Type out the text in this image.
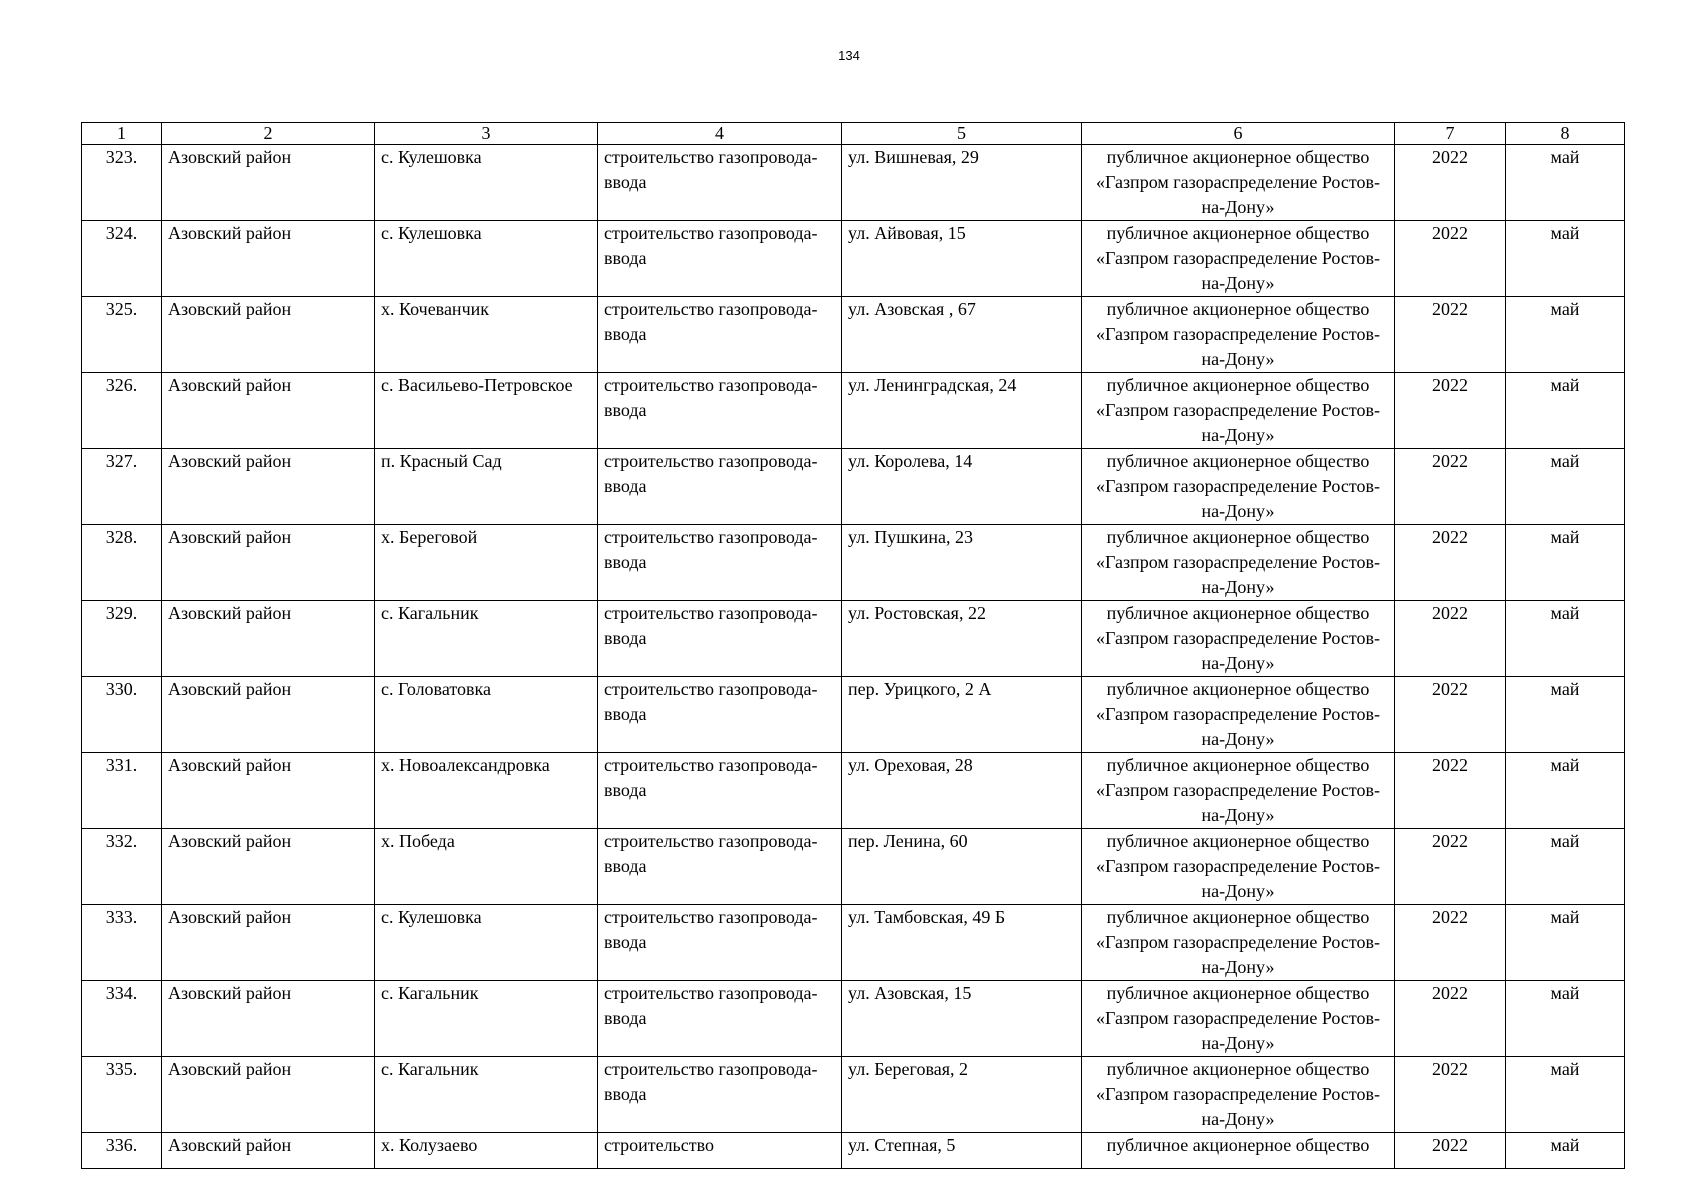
134
1	2	3	4	5	6	7	8
323.	Азовский район	с. Кулешовка	строительство газопровода-ввода	ул. Вишневая, 29	публичное акционерное общество «Газпром газораспределение Ростов-на-Дону»	2022	май
324.	Азовский район	с. Кулешовка	строительство газопровода-ввода	ул. Айвовая, 15	публичное акционерное общество «Газпром газораспределение Ростов-на-Дону»	2022	май
325.	Азовский район	х. Кочеванчик	строительство газопровода-ввода	ул. Азовская , 67	публичное акционерное общество «Газпром газораспределение Ростов-на-Дону»	2022	май
326.	Азовский район	с. Васильево-Петровское	строительство газопровода-ввода	ул. Ленинградская, 24	публичное акционерное общество «Газпром газораспределение Ростов-на-Дону»	2022	май
327.	Азовский район	п. Красный Сад	строительство газопровода-ввода	ул. Королева, 14	публичное акционерное общество «Газпром газораспределение Ростов-на-Дону»	2022	май
328.	Азовский район	х. Береговой	строительство газопровода-ввода	ул. Пушкина, 23	публичное акционерное общество «Газпром газораспределение Ростов-на-Дону»	2022	май
329.	Азовский район	с. Кагальник	строительство газопровода-ввода	ул. Ростовская, 22	публичное акционерное общество «Газпром газораспределение Ростов-на-Дону»	2022	май
330.	Азовский район	с. Головатовка	строительство газопровода-ввода	пер. Урицкого, 2 А	публичное акционерное общество «Газпром газораспределение Ростов-на-Дону»	2022	май
331.	Азовский район	х. Новоалександровка	строительство газопровода-ввода	ул. Ореховая, 28	публичное акционерное общество «Газпром газораспределение Ростов-на-Дону»	2022	май
332.	Азовский район	х. Победа	строительство газопровода-ввода	пер. Ленина, 60	публичное акционерное общество «Газпром газораспределение Ростов-на-Дону»	2022	май
333.	Азовский район	с. Кулешовка	строительство газопровода-ввода	ул. Тамбовская, 49 Б	публичное акционерное общество «Газпром газораспределение Ростов-на-Дону»	2022	май
334.	Азовский район	с. Кагальник	строительство газопровода-ввода	ул. Азовская, 15	публичное акционерное общество «Газпром газораспределение Ростов-на-Дону»	2022	май
335.	Азовский район	с. Кагальник	строительство газопровода-ввода	ул. Береговая, 2	публичное акционерное общество «Газпром газораспределение Ростов-на-Дону»	2022	май
336.	Азовский район	х. Колузаево	строительство	ул. Степная, 5	публичное акционерное общество	2022	май
